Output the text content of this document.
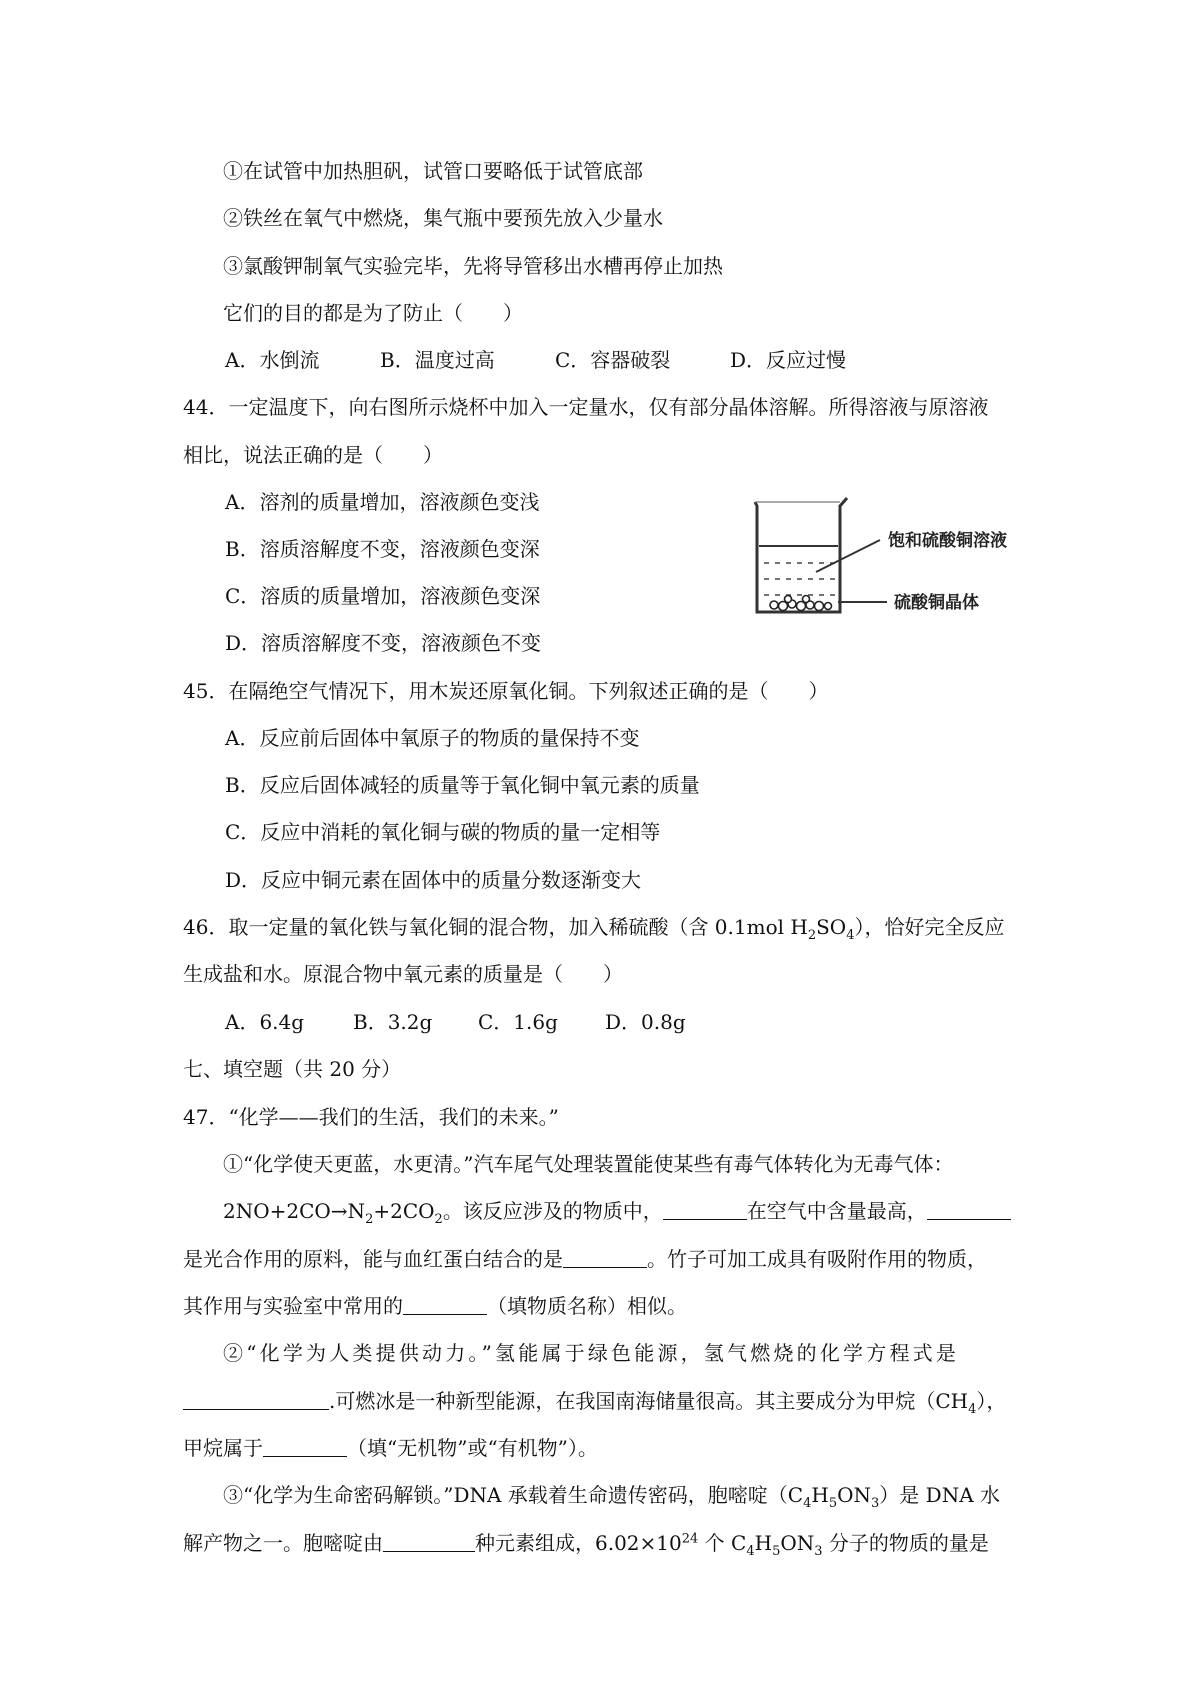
①在试管中加热胆矾，试管口要略低于试管底部
②铁丝在氧气中燃烧，集气瓶中要预先放入少量水
③氯酸钾制氧气实验完毕，先将导管移出水槽再停止加热
它们的目的都是为了防止（　　）
A．水倒流	B．温度过高	C．容器破裂	D．反应过慢
44．一定温度下，向右图所示烧杯中加入一定量水，仅有部分晶体溶解。所得溶液与原溶液
相比，说法正确的是（　　）
A．溶剂的质量增加，溶液颜色变浅
B．溶质溶解度不变，溶液颜色变深
C．溶质的质量增加，溶液颜色变深
D．溶质溶解度不变，溶液颜色不变
饱和硫酸铜溶液
硫酸铜晶体
45．在隔绝空气情况下，用木炭还原氧化铜。下列叙述正确的是（　　）
A．反应前后固体中氧原子的物质的量保持不变
B．反应后固体减轻的质量等于氧化铜中氧元素的质量
C．反应中消耗的氧化铜与碳的物质的量一定相等
D．反应中铜元素在固体中的质量分数逐渐变大
46．取一定量的氧化铁与氧化铜的混合物，加入稀硫酸（含 0.1mol $H_2SO_4$），恰好完全反应
生成盐和水。原混合物中氧元素的质量是（　　）
A．6.4g B．3.2g C．1.6g D．0.8g
七、填空题（共 20 分）
47．“化学——我们的生活，我们的未来。”
①“化学使天更蓝，水更清。”汽车尾气处理装置能使某些有毒气体转化为无毒气体：
$2NO+2CO\to N_2+2CO_2$。该反应涉及的物质中，	在空气中含量最高，
是光合作用的原料，能与血红蛋白结合的是	。竹子可加工成具有吸附作用的物质，
其作用与实验室中常用的	（填物质名称）相似。
②“化学为人类提供动力。”氢能属于绿色能源，氢气燃烧的化学方程式是
.可燃冰是一种新型能源，在我国南海储量很高。其主要成分为甲烷$(CH_4)$，
甲烷属于	（填“无机物”或“有机物”）。
③“化学为生命密码解锁。”DNA 承载着生命遗传密码，胞嘧啶$(C_4H_5ON_3)$是 DNA 水
解产物之一。胞嘧啶由	种元素组成，$6.02\times 10^{24}$ 个 $C_4H_5ON_3$ 分子的物质的量是
